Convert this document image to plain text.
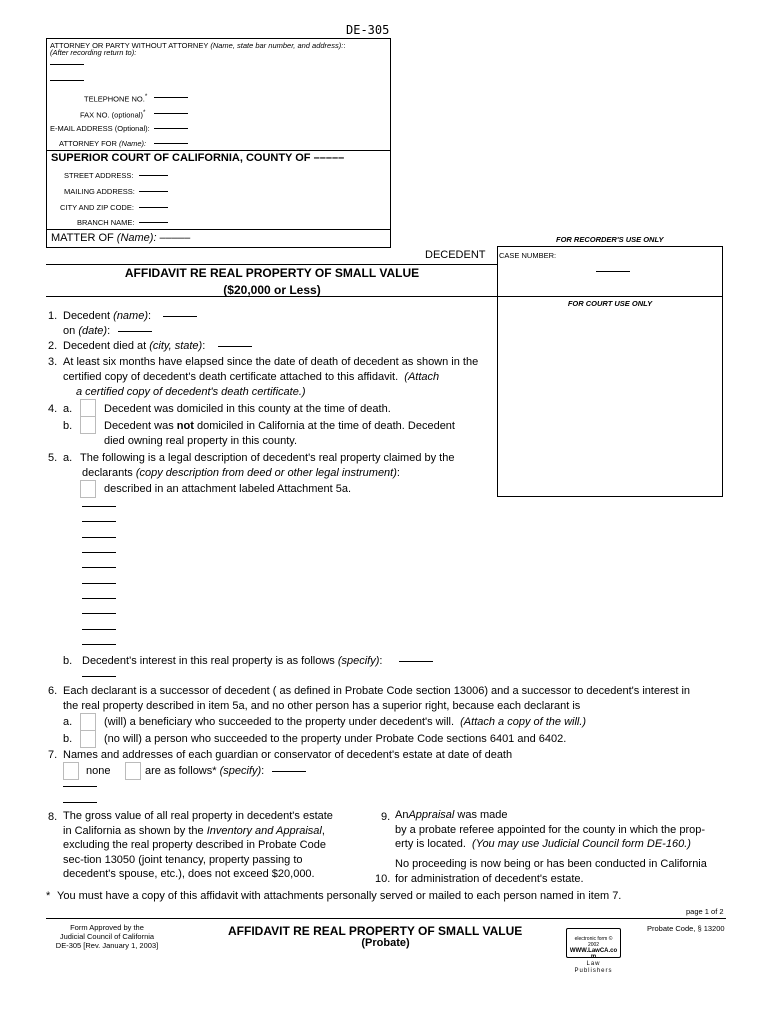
DE-305
ATTORNEY OR PARTY WITHOUT ATTORNEY (Name, state bar number, and address)::
(After recording return to):
TELEPHONE NO.*
FAX NO. (optional)*
E-MAIL ADDRESS (Optional):
ATTORNEY FOR (Name):
SUPERIOR COURT OF CALIFORNIA, COUNTY OF –––––
STREET ADDRESS:
MAILING ADDRESS:
CITY AND ZIP CODE:
BRANCH NAME:
MATTER OF (Name): –––––	FOR RECORDER'S USE ONLY
DECEDENT CASE NUMBER:
AFFIDAVIT RE REAL PROPERTY OF SMALL VALUE
($20,000 or Less)
FOR COURT USE ONLY
1. Decedent (name):
on (date):
2. Decedent died at (city, state):
3. At least six months have elapsed since the date of death of decedent as shown in the
certified copy of decedent's death certificate attached to this affidavit. (Attach
a certified copy of decedent's death certificate.)
4. a.	Decedent was domiciled in this county at the time of death.
b.	Decedent was not domiciled in California at the time of death. Decedent
died owning real property in this county.
5. a. The following is a legal description of decedent's real property claimed by the
declarants (copy description from deed or other legal instrument):
described in an attachment labeled Attachment 5a.
b. Decedent's interest in this real property is as follows (specify):
6. Each declarant is a successor of decedent ( as defined in Probate Code section 13006) and a successor to decedent's interest in
the real property described in item 5a, and no other person has a superior right, because each declarant is
a.	(will) a beneficiary who succeeded to the property under decedent's will. (Attach a copy of the will.)
b.	(no will) a person who succeeded to the property under Probate Code sections 6401 and 6402.
7. Names and addresses of each guardian or conservator of decedent's estate at date of death
none	are as follows* (specify):
8. The gross value of all real property in decedent's estate
in California as shown by the Inventory and Appraisal,
excluding the real property described in Probate Code
sec-tion 13050 (joint tenancy, property passing to
decedent's spouse, etc.), does not exceed $20,000.
9. AnAppraisal was made
by a probate referee appointed for the county in which the prop-
erty is located. (You may use Judicial Council form DE-160.)
No proceeding is now being or has been conducted in California
10. for administration of decedent's estate.
* You must have a copy of this affidavit with attachments personally served or mailed to each person named in item 7.
page 1 of 2
Form Approved by the
Judicial Council of California
DE-305 [Rev. January 1, 2003]
AFFIDAVIT RE REAL PROPERTY OF SMALL VALUE
(Probate)
Probate Code, § 13200
electronic form ©
2002
WWW.LawCA.co
m
Law
Publishers
